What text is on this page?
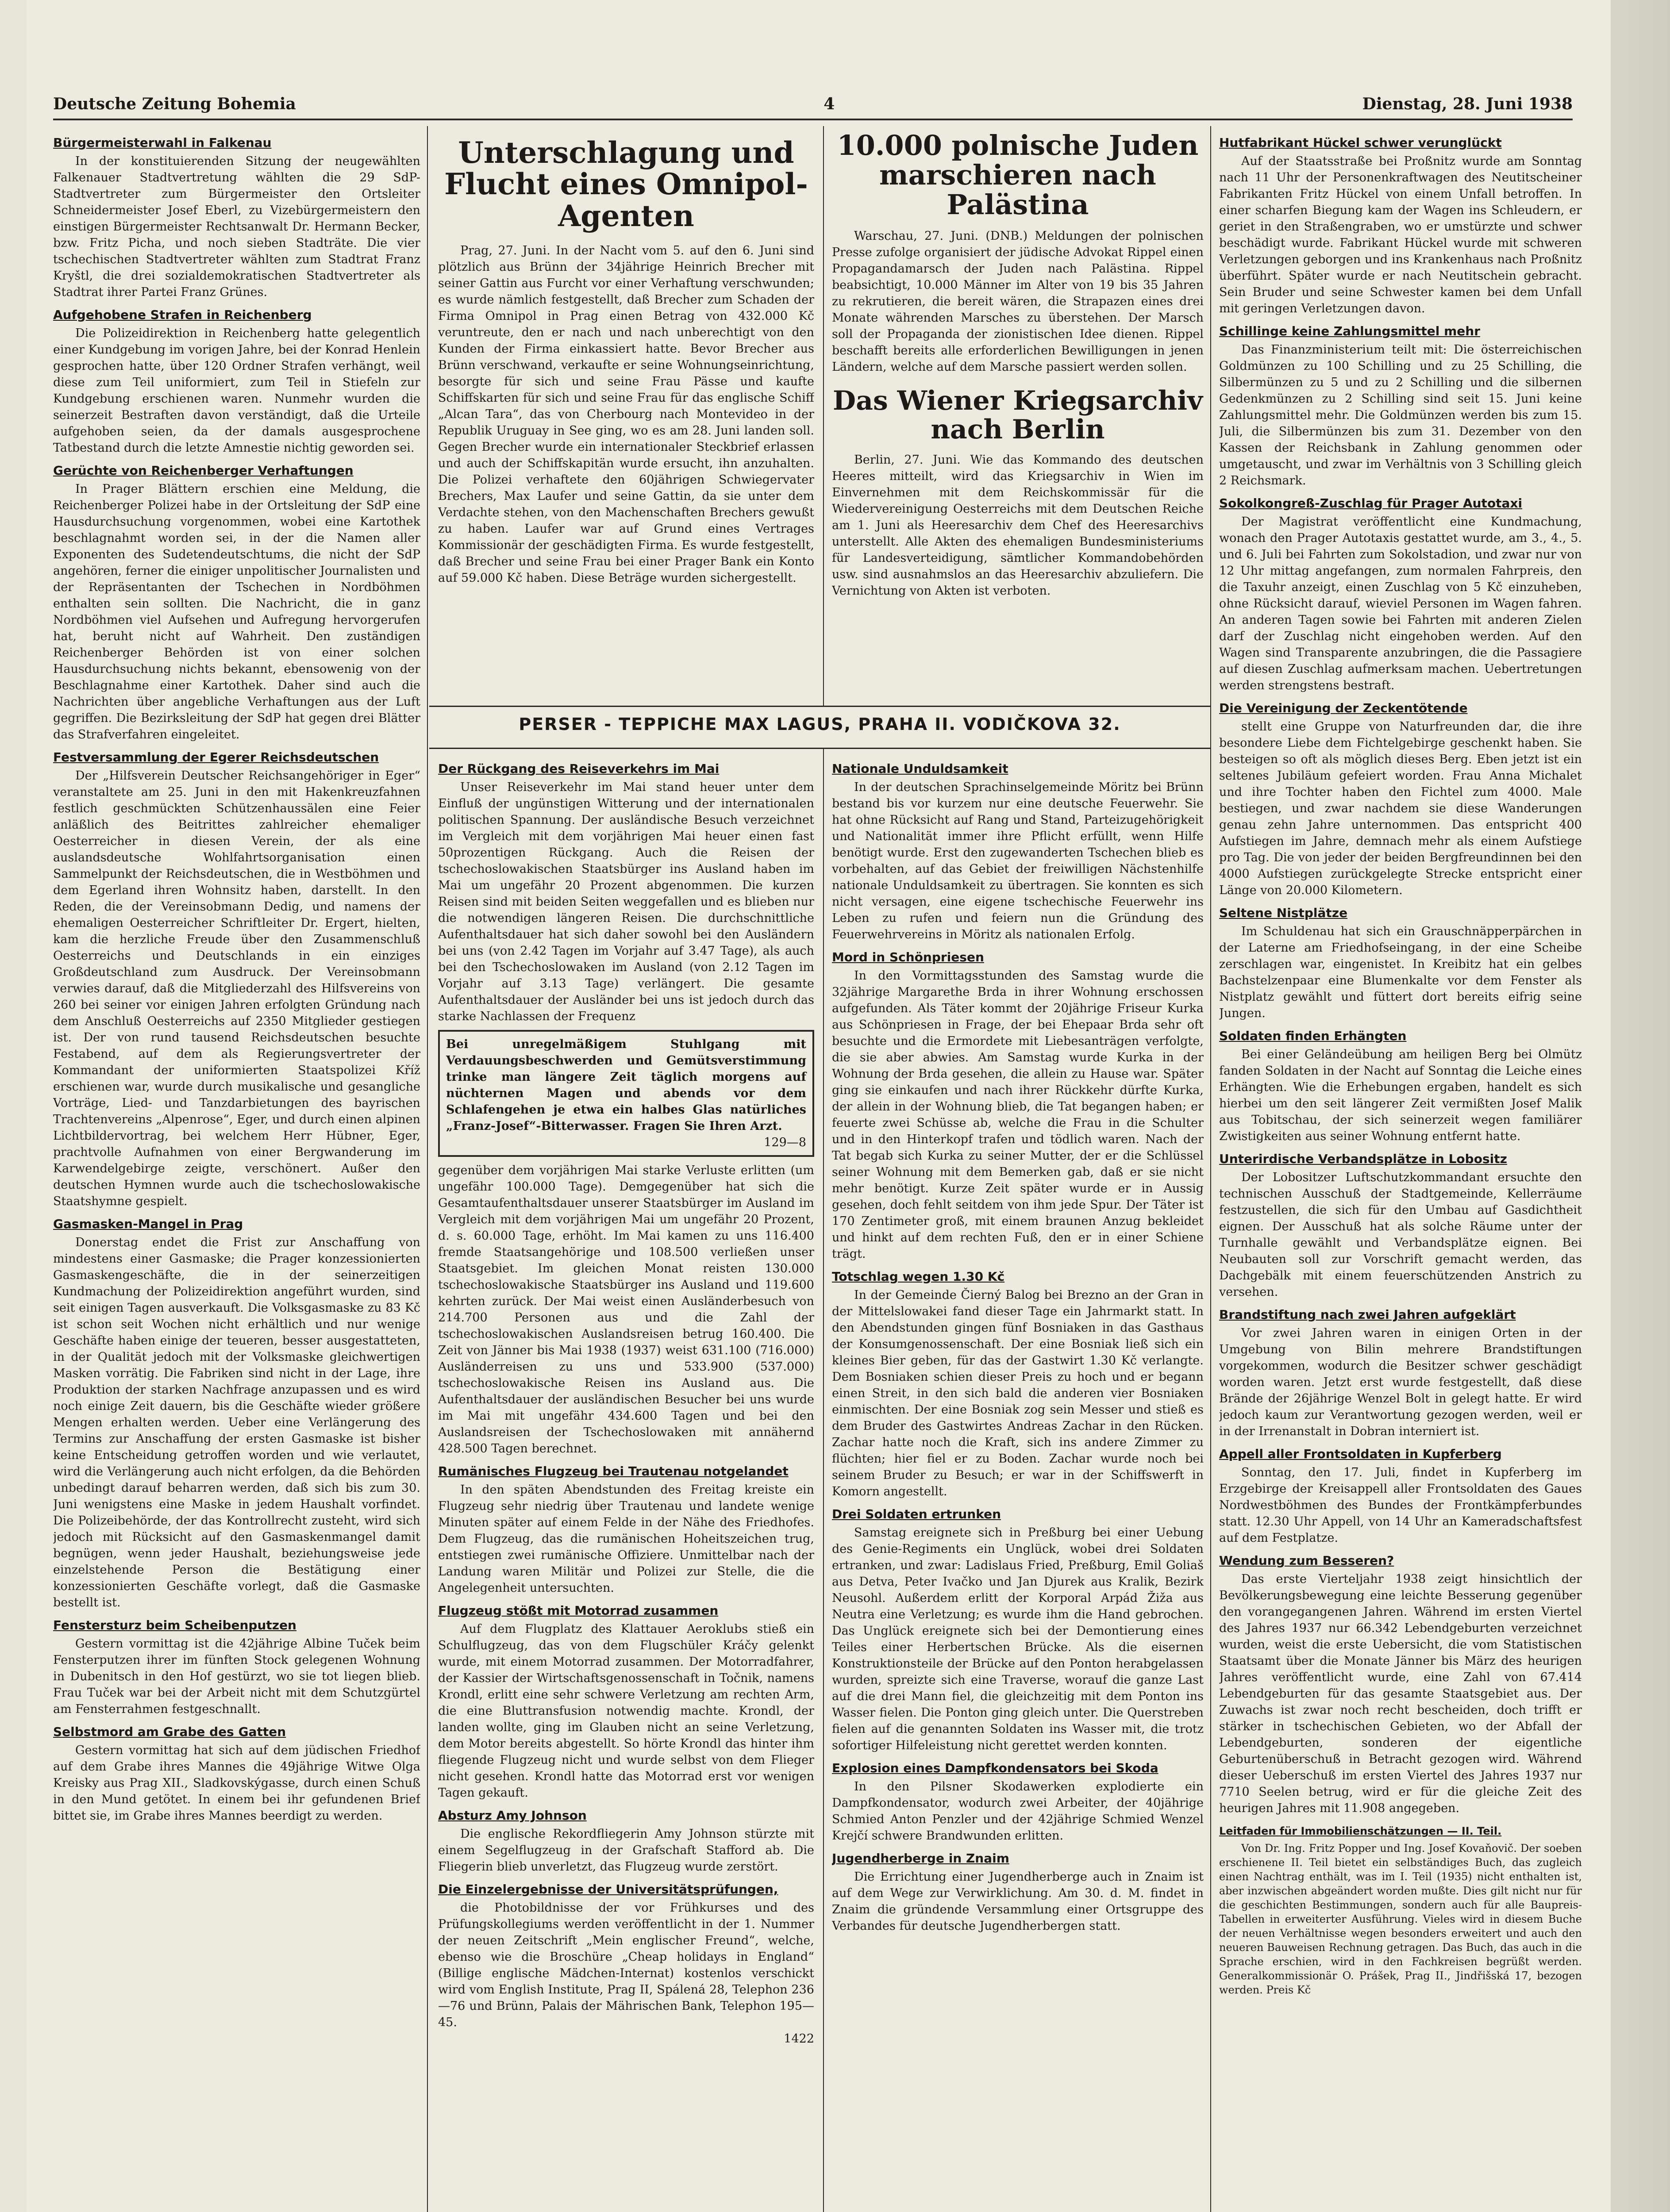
Deutsche Zeitung Bohemia	4	Dienstag, 28. Juni 1938
Bürgermeisterwahl in Falkenau

In der konstituierenden Sitzung der neugewählten Falkenauer Stadtvertretung wählten die 29 SdP-Stadtvertreter zum Bürgermeister den Ortsleiter Schneidermeister Josef Eberl, zu Vizebürgermeistern den einstigen Bürgermeister Rechtsanwalt Dr. Hermann Becker, bzw. Fritz Picha, und noch sieben Stadträte. Die vier tschechischen Stadtvertreter wählten zum Stadtrat Franz Kryštl, die drei sozialdemokratischen Stadtvertreter als Stadtrat ihrer Partei Franz Grünes.

Aufgehobene Strafen in Reichenberg

Die Polizeidirektion in Reichenberg hatte gelegentlich einer Kundgebung im vorigen Jahre, bei der Konrad Henlein gesprochen hatte, über 120 Ordner Strafen verhängt, weil diese zum Teil uniformiert, zum Teil in Stiefeln zur Kundgebung erschienen waren. Nunmehr wurden die seinerzeit Bestraften davon verständigt, daß die Urteile aufgehoben seien, da der damals ausgesprochene Tatbestand durch die letzte Amnestie nichtig geworden sei.

Gerüchte von Reichenberger Verhaftungen

In Prager Blättern erschien eine Meldung, die Reichenberger Polizei habe in der Ortsleitung der SdP eine Hausdurchsuchung vorgenommen, wobei eine Kartothek beschlagnahmt worden sei, in der die Namen aller Exponenten des Sudetendeutschtums, die nicht der SdP angehören, ferner die einiger unpolitischer Journalisten und der Repräsentanten der Tschechen in Nordböhmen enthalten sein sollten. Die Nachricht, die in ganz Nordböhmen viel Aufsehen und Aufregung hervorgerufen hat, beruht nicht auf Wahrheit. Den zuständigen Reichenberger Behörden ist von einer solchen Hausdurchsuchung nichts bekannt, ebensowenig von der Beschlagnahme einer Kartothek. Daher sind auch die Nachrichten über angebliche Verhaftungen aus der Luft gegriffen. Die Bezirksleitung der SdP hat gegen drei Blätter das Strafverfahren eingeleitet.

Festversammlung der Egerer Reichsdeutschen

Der „Hilfsverein Deutscher Reichsangehöriger in Eger“ veranstaltete am 25. Juni in den mit Hakenkreuzfahnen festlich geschmückten Schützenhaussälen eine Feier anläßlich des Beitrittes zahlreicher ehemaliger Oesterreicher in diesen Verein, der als eine auslandsdeutsche Wohlfahrtsorganisation einen Sammelpunkt der Reichsdeutschen, die in Westböhmen und dem Egerland ihren Wohnsitz haben, darstellt. In den Reden, die der Vereinsobmann Dedig, und namens der ehemaligen Oesterreicher Schriftleiter Dr. Ergert, hielten, kam die herzliche Freude über den Zusammenschluß Oesterreichs und Deutschlands in ein einziges Großdeutschland zum Ausdruck. Der Vereinsobmann verwies darauf, daß die Mitgliederzahl des Hilfsvereins von 260 bei seiner vor einigen Jahren erfolgten Gründung nach dem Anschluß Oesterreichs auf 2350 Mitglieder gestiegen ist. Der von rund tausend Reichsdeutschen besuchte Festabend, auf dem als Regierungsvertreter der Kommandant der uniformierten Staatspolizei Kříž erschienen war, wurde durch musikalische und gesangliche Vorträge, Lied- und Tanzdarbietungen des bayrischen Trachtenvereins „Alpenrose“, Eger, und durch einen alpinen Lichtbildervortrag, bei welchem Herr Hübner, Eger, prachtvolle Aufnahmen von einer Bergwanderung im Karwendelgebirge zeigte, verschönert. Außer den deutschen Hymnen wurde auch die tschechoslowakische Staatshymne gespielt.

Gasmasken-Mangel in Prag

Donerstag endet die Frist zur Anschaffung von mindestens einer Gasmaske; die Prager konzessionierten Gasmaskengeschäfte, die in der seinerzeitigen Kundmachung der Polizeidirektion angeführt wurden, sind seit einigen Tagen ausverkauft. Die Volksgasmaske zu 83 Kč ist schon seit Wochen nicht erhältlich und nur wenige Geschäfte haben einige der teueren, besser ausgestatteten, in der Qualität jedoch mit der Volksmaske gleichwertigen Masken vorrätig. Die Fabriken sind nicht in der Lage, ihre Produktion der starken Nachfrage anzupassen und es wird noch einige Zeit dauern, bis die Geschäfte wieder größere Mengen erhalten werden. Ueber eine Verlängerung des Termins zur Anschaffung der ersten Gasmaske ist bisher keine Entscheidung getroffen worden und wie verlautet, wird die Verlängerung auch nicht erfolgen, da die Behörden unbedingt darauf beharren werden, daß sich bis zum 30. Juni wenigstens eine Maske in jedem Haushalt vorfindet. Die Polizeibehörde, der das Kontrollrecht zusteht, wird sich jedoch mit Rücksicht auf den Gasmaskenmangel damit begnügen, wenn jeder Haushalt, beziehungsweise jede einzelstehende Person die Bestätigung einer konzessionierten Geschäfte vorlegt, daß die Gasmaske bestellt ist.

Fenstersturz beim Scheibenputzen

Gestern vormittag ist die 42jährige Albine Tuček beim Fensterputzen ihrer im fünften Stock gelegenen Wohnung in Dubenitsch in den Hof gestürzt, wo sie tot liegen blieb. Frau Tuček war bei der Arbeit nicht mit dem Schutzgürtel am Fensterrahmen festgeschnallt.

Selbstmord am Grabe des Gatten

Gestern vormittag hat sich auf dem jüdischen Friedhof auf dem Grabe ihres Mannes die 49jährige Witwe Olga Kreisky aus Prag XII., Sladkovskýgasse, durch einen Schuß in den Mund getötet. In einem bei ihr gefundenen Brief bittet sie, im Grabe ihres Mannes beerdigt zu werden.

Unterschlagung und Flucht eines Omnipol-Agenten

Prag, 27. Juni. In der Nacht vom 5. auf den 6. Juni sind plötzlich aus Brünn der 34jährige Heinrich Brecher mit seiner Gattin aus Furcht vor einer Verhaftung verschwunden; es wurde nämlich festgestellt, daß Brecher zum Schaden der Firma Omnipol in Prag einen Betrag von 432.000 Kč veruntreute, den er nach und nach unberechtigt von den Kunden der Firma einkassiert hatte. Bevor Brecher aus Brünn verschwand, verkaufte er seine Wohnungseinrichtung, besorgte für sich und seine Frau Pässe und kaufte Schiffskarten für sich und seine Frau für das englische Schiff „Alcan Tara“, das von Cherbourg nach Montevideo in der Republik Uruguay in See ging, wo es am 28. Juni landen soll. Gegen Brecher wurde ein internationaler Steckbrief erlassen und auch der Schiffskapitän wurde ersucht, ihn anzuhalten. Die Polizei verhaftete den 60jährigen Schwiegervater Brechers, Max Laufer und seine Gattin, da sie unter dem Verdachte stehen, von den Machenschaften Brechers gewußt zu haben. Laufer war auf Grund eines Vertrages Kommissionär der geschädigten Firma. Es wurde festgestellt, daß Brecher und seine Frau bei einer Prager Bank ein Konto auf 59.000 Kč haben. Diese Beträge wurden sichergestellt.

10.000 polnische Juden marschieren nach Palästina

Warschau, 27. Juni. (DNB.) Meldungen der polnischen Presse zufolge organisiert der jüdische Advokat Rippel einen Propagandamarsch der Juden nach Palästina. Rippel beabsichtigt, 10.000 Männer im Alter von 19 bis 35 Jahren zu rekrutieren, die bereit wären, die Strapazen eines drei Monate währenden Marsches zu überstehen. Der Marsch soll der Propaganda der zionistischen Idee dienen. Rippel beschafft bereits alle erforderlichen Bewilligungen in jenen Ländern, welche auf dem Marsche passiert werden sollen.

Das Wiener Kriegsarchiv nach Berlin

Berlin, 27. Juni. Wie das Kommando des deutschen Heeres mitteilt, wird das Kriegsarchiv in Wien im Einvernehmen mit dem Reichskommissär für die Wiedervereinigung Oesterreichs mit dem Deutschen Reiche am 1. Juni als Heeresarchiv dem Chef des Heeresarchivs unterstellt. Alle Akten des ehemaligen Bundesministeriums für Landesverteidigung, sämtlicher Kommandobehörden usw. sind ausnahmslos an das Heeresarchiv abzuliefern. Die Vernichtung von Akten ist verboten.

PERSER - TEPPICHE MAX LAGUS, PRAHA II. VODIČKOVA 32.
Der Rückgang des Reiseverkehrs im Mai

Unser Reiseverkehr im Mai stand heuer unter dem Einfluß der ungünstigen Witterung und der internationalen politischen Spannung. Der ausländische Besuch verzeichnet im Vergleich mit dem vorjährigen Mai heuer einen fast 50prozentigen Rückgang. Auch die Reisen der tschechoslowakischen Staatsbürger ins Ausland haben im Mai um ungefähr 20 Prozent abgenommen. Die kurzen Reisen sind mit beiden Seiten weggefallen und es blieben nur die notwendigen längeren Reisen. Die durchschnittliche Aufenthaltsdauer hat sich daher sowohl bei den Ausländern bei uns (von 2.42 Tagen im Vorjahr auf 3.47 Tage), als auch bei den Tschechoslowaken im Ausland (von 2.12 Tagen im Vorjahr auf 3.13 Tage) verlängert. Die gesamte Aufenthaltsdauer der Ausländer bei uns ist jedoch durch das starke Nachlassen der Frequenz

Bei unregelmäßigem Stuhlgang mit Verdauungsbeschwerden und Gemütsverstimmung trinke man längere Zeit täglich morgens auf nüchternen Magen und abends vor dem Schlafengehen je etwa ein halbes Glas natürliches „Franz-Josef“-Bitterwasser. Fragen Sie Ihren Arzt.
129—8

gegenüber dem vorjährigen Mai starke Verluste erlitten (um ungefähr 100.000 Tage). Demgegenüber hat sich die Gesamtaufenthaltsdauer unserer Staatsbürger im Ausland im Vergleich mit dem vorjährigen Mai um ungefähr 20 Prozent, d. s. 60.000 Tage, erhöht. Im Mai kamen zu uns 116.400 fremde Staatsangehörige und 108.500 verließen unser Staatsgebiet. Im gleichen Monat reisten 130.000 tschechoslowakische Staatsbürger ins Ausland und 119.600 kehrten zurück. Der Mai weist einen Ausländerbesuch von 214.700 Personen aus und die Zahl der tschechoslowakischen Auslandsreisen betrug 160.400. Die Zeit von Jänner bis Mai 1938 (1937) weist 631.100 (716.000) Ausländerreisen zu uns und 533.900 (537.000) tschechoslowakische Reisen ins Ausland aus. Die Aufenthaltsdauer der ausländischen Besucher bei uns wurde im Mai mit ungefähr 434.600 Tagen und bei den Auslandsreisen der Tschechoslowaken mit annähernd 428.500 Tagen berechnet.

Rumänisches Flugzeug bei Trautenau notgelandet

In den späten Abendstunden des Freitag kreiste ein Flugzeug sehr niedrig über Trautenau und landete wenige Minuten später auf einem Felde in der Nähe des Friedhofes. Dem Flugzeug, das die rumänischen Hoheitszeichen trug, entstiegen zwei rumänische Offiziere. Unmittelbar nach der Landung waren Militär und Polizei zur Stelle, die die Angelegenheit untersuchten.

Flugzeug stößt mit Motorrad zusammen

Auf dem Flugplatz des Klattauer Aeroklubs stieß ein Schulflugzeug, das von dem Flugschüler Kráčy gelenkt wurde, mit einem Motorrad zusammen. Der Motorradfahrer, der Kassier der Wirtschaftsgenossenschaft in Točnik, namens Krondl, erlitt eine sehr schwere Verletzung am rechten Arm, die eine Bluttransfusion notwendig machte. Krondl, der landen wollte, ging im Glauben nicht an seine Verletzung, dem Motor bereits abgestellt. So hörte Krondl das hinter ihm fliegende Flugzeug nicht und wurde selbst von dem Flieger nicht gesehen. Krondl hatte das Motorrad erst vor wenigen Tagen gekauft.

Absturz Amy Johnson

Die englische Rekordfliegerin Amy Johnson stürzte mit einem Segelflugzeug in der Grafschaft Stafford ab. Die Fliegerin blieb unverletzt, das Flugzeug wurde zerstört.

Die Einzelergebnisse der Universitätsprüfungen,

die Photobildnisse der vor Frühkurses und des Prüfungskollegiums werden veröffentlicht in der 1. Nummer der neuen Zeitschrift „Mein englischer Freund“, welche, ebenso wie die Broschüre „Cheap holidays in England“ (Billige englische Mädchen-Internat) kostenlos verschickt wird vom English Institute, Prag II, Spálená 28, Telephon 236—76 und Brünn, Palais der Mährischen Bank, Telephon 195—45.

1422
Nationale Unduldsamkeit

In der deutschen Sprachinselgemeinde Möritz bei Brünn bestand bis vor kurzem nur eine deutsche Feuerwehr. Sie hat ohne Rücksicht auf Rang und Stand, Parteizugehörigkeit und Nationalität immer ihre Pflicht erfüllt, wenn Hilfe benötigt wurde. Erst den zugewanderten Tschechen blieb es vorbehalten, auf das Gebiet der freiwilligen Nächstenhilfe nationale Unduldsamkeit zu übertragen. Sie konnten es sich nicht versagen, eine eigene tschechische Feuerwehr ins Leben zu rufen und feiern nun die Gründung des Feuerwehrvereins in Möritz als nationalen Erfolg.

Mord in Schönpriesen

In den Vormittagsstunden des Samstag wurde die 32jährige Margarethe Brda in ihrer Wohnung erschossen aufgefunden. Als Täter kommt der 20jährige Friseur Kurka aus Schönpriesen in Frage, der bei Ehepaar Brda sehr oft besuchte und die Ermordete mit Liebesanträgen verfolgte, die sie aber abwies. Am Samstag wurde Kurka in der Wohnung der Brda gesehen, die allein zu Hause war. Später ging sie einkaufen und nach ihrer Rückkehr dürfte Kurka, der allein in der Wohnung blieb, die Tat begangen haben; er feuerte zwei Schüsse ab, welche die Frau in die Schulter und in den Hinterkopf trafen und tödlich waren. Nach der Tat begab sich Kurka zu seiner Mutter, der er die Schlüssel seiner Wohnung mit dem Bemerken gab, daß er sie nicht mehr benötigt. Kurze Zeit später wurde er in Aussig gesehen, doch fehlt seitdem von ihm jede Spur. Der Täter ist 170 Zentimeter groß, mit einem braunen Anzug bekleidet und hinkt auf dem rechten Fuß, den er in einer Schiene trägt.

Totschlag wegen 1.30 Kč

In der Gemeinde Čierný Balog bei Brezno an der Gran in der Mittelslowakei fand dieser Tage ein Jahrmarkt statt. In den Abendstunden gingen fünf Bosniaken in das Gasthaus der Konsumgenossenschaft. Der eine Bosniak ließ sich ein kleines Bier geben, für das der Gastwirt 1.30 Kč verlangte. Dem Bosniaken schien dieser Preis zu hoch und er begann einen Streit, in den sich bald die anderen vier Bosniaken einmischten. Der eine Bosniak zog sein Messer und stieß es dem Bruder des Gastwirtes Andreas Zachar in den Rücken. Zachar hatte noch die Kraft, sich ins andere Zimmer zu flüchten; hier fiel er zu Boden. Zachar wurde noch bei seinem Bruder zu Besuch; er war in der Schiffswerft in Komorn angestellt.

Drei Soldaten ertrunken

Samstag ereignete sich in Preßburg bei einer Uebung des Genie-Regiments ein Unglück, wobei drei Soldaten ertranken, und zwar: Ladislaus Fried, Preßburg, Emil Goliaš aus Detva, Peter Ivačko und Jan Djurek aus Kralik, Bezirk Neusohl. Außerdem erlitt der Korporal Arpád Žiža aus Neutra eine Verletzung; es wurde ihm die Hand gebrochen. Das Unglück ereignete sich bei der Demontierung eines Teiles einer Herbertschen Brücke. Als die eisernen Konstruktionsteile der Brücke auf den Ponton herabgelassen wurden, spreizte sich eine Traverse, worauf die ganze Last auf die drei Mann fiel, die gleichzeitig mit dem Ponton ins Wasser fielen. Die Ponton ging gleich unter. Die Querstreben fielen auf die genannten Soldaten ins Wasser mit, die trotz sofortiger Hilfeleistung nicht gerettet werden konnten.

Explosion eines Dampfkondensators bei Skoda

In den Pilsner Skodawerken explodierte ein Dampfkondensator, wodurch zwei Arbeiter, der 40jährige Schmied Anton Penzler und der 42jährige Schmied Wenzel Krejčí schwere Brandwunden erlitten.

Jugendherberge in Znaim

Die Errichtung einer Jugendherberge auch in Znaim ist auf dem Wege zur Verwirklichung. Am 30. d. M. findet in Znaim die gründende Versammlung einer Ortsgruppe des Verbandes für deutsche Jugendherbergen statt.

Hutfabrikant Hückel schwer verunglückt

Auf der Staatsstraße bei Proßnitz wurde am Sonntag nach 11 Uhr der Personenkraftwagen des Neutitscheiner Fabrikanten Fritz Hückel von einem Unfall betroffen. In einer scharfen Biegung kam der Wagen ins Schleudern, er geriet in den Straßengraben, wo er umstürzte und schwer beschädigt wurde. Fabrikant Hückel wurde mit schweren Verletzungen geborgen und ins Krankenhaus nach Proßnitz überführt. Später wurde er nach Neutitschein gebracht. Sein Bruder und seine Schwester kamen bei dem Unfall mit geringen Verletzungen davon.

Schillinge keine Zahlungsmittel mehr

Das Finanzministerium teilt mit: Die österreichischen Goldmünzen zu 100 Schilling und zu 25 Schilling, die Silbermünzen zu 5 und zu 2 Schilling und die silbernen Gedenkmünzen zu 2 Schilling sind seit 15. Juni keine Zahlungsmittel mehr. Die Goldmünzen werden bis zum 15. Juli, die Silbermünzen bis zum 31. Dezember von den Kassen der Reichsbank in Zahlung genommen oder umgetauscht, und zwar im Verhältnis von 3 Schilling gleich 2 Reichsmark.

Sokolkongreß-Zuschlag für Prager Autotaxi

Der Magistrat veröffentlicht eine Kundmachung, wonach den Prager Autotaxis gestattet wurde, am 3., 4., 5. und 6. Juli bei Fahrten zum Sokolstadion, und zwar nur von 12 Uhr mittag angefangen, zum normalen Fahrpreis, den die Taxuhr anzeigt, einen Zuschlag von 5 Kč einzuheben, ohne Rücksicht darauf, wieviel Personen im Wagen fahren. An anderen Tagen sowie bei Fahrten mit anderen Zielen darf der Zuschlag nicht eingehoben werden. Auf den Wagen sind Transparente anzubringen, die die Passagiere auf diesen Zuschlag aufmerksam machen. Uebertretungen werden strengstens bestraft.

Die Vereinigung der Zeckentötende

stellt eine Gruppe von Naturfreunden dar, die ihre besondere Liebe dem Fichtelgebirge geschenkt haben. Sie besteigen so oft als möglich dieses Berg. Eben jetzt ist ein seltenes Jubiläum gefeiert worden. Frau Anna Michalet und ihre Tochter haben den Fichtel zum 4000. Male bestiegen, und zwar nachdem sie diese Wanderungen genau zehn Jahre unternommen. Das entspricht 400 Aufstiegen im Jahre, demnach mehr als einem Aufstiege pro Tag. Die von jeder der beiden Bergfreundinnen bei den 4000 Aufstiegen zurückgelegte Strecke entspricht einer Länge von 20.000 Kilometern.

Seltene Nistplätze

Im Schuldenau hat sich ein Grauschnäpperpärchen in der Laterne am Friedhofseingang, in der eine Scheibe zerschlagen war, eingenistet. In Kreibitz hat ein gelbes Bachstelzenpaar eine Blumenkalte vor dem Fenster als Nistplatz gewählt und füttert dort bereits eifrig seine Jungen.

Soldaten finden Erhängten

Bei einer Geländeübung am heiligen Berg bei Olmütz fanden Soldaten in der Nacht auf Sonntag die Leiche eines Erhängten. Wie die Erhebungen ergaben, handelt es sich hierbei um den seit längerer Zeit vermißten Josef Malik aus Tobitschau, der sich seinerzeit wegen familiärer Zwistigkeiten aus seiner Wohnung entfernt hatte.

Unterirdische Verbandsplätze in Lobositz

Der Lobositzer Luftschutzkommandant ersuchte den technischen Ausschuß der Stadtgemeinde, Kellerräume festzustellen, die sich für den Umbau auf Gasdichtheit eignen. Der Ausschuß hat als solche Räume unter der Turnhalle gewählt und Verbandsplätze eignen. Bei Neubauten soll zur Vorschrift gemacht werden, das Dachgebälk mit einem feuerschützenden Anstrich zu versehen.

Brandstiftung nach zwei Jahren aufgeklärt

Vor zwei Jahren waren in einigen Orten in der Umgebung von Bilin mehrere Brandstiftungen vorgekommen, wodurch die Besitzer schwer geschädigt worden waren. Jetzt erst wurde festgestellt, daß diese Brände der 26jährige Wenzel Bolt in gelegt hatte. Er wird jedoch kaum zur Verantwortung gezogen werden, weil er in der Irrenanstalt in Dobran interniert ist.

Appell aller Frontsoldaten in Kupferberg

Sonntag, den 17. Juli, findet in Kupferberg im Erzgebirge der Kreisappell aller Frontsoldaten des Gaues Nordwestböhmen des Bundes der Frontkämpferbundes statt. 12.30 Uhr Appell, von 14 Uhr an Kameradschaftsfest auf dem Festplatze.

Wendung zum Besseren?

Das erste Vierteljahr 1938 zeigt hinsichtlich der Bevölkerungsbewegung eine leichte Besserung gegenüber den vorangegangenen Jahren. Während im ersten Viertel des Jahres 1937 nur 66.342 Lebendgeburten verzeichnet wurden, weist die erste Uebersicht, die vom Statistischen Staatsamt über die Monate Jänner bis März des heurigen Jahres veröffentlicht wurde, eine Zahl von 67.414 Lebendgeburten für das gesamte Staatsgebiet aus. Der Zuwachs ist zwar noch recht bescheiden, doch trifft er stärker in tschechischen Gebieten, wo der Abfall der Lebendgeburten, sonderen der eigentliche Geburtenüberschuß in Betracht gezogen wird. Während dieser Ueberschuß im ersten Viertel des Jahres 1937 nur 7710 Seelen betrug, wird er für die gleiche Zeit des heurigen Jahres mit 11.908 angegeben.

Leitfaden für Immobilienschätzungen — II. Teil.

Von Dr. Ing. Fritz Popper und Ing. Josef Kovaňovič. Der soeben erschienene II. Teil bietet ein selbständiges Buch, das zugleich einen Nachtrag enthält, was im I. Teil (1935) nicht enthalten ist, aber inzwischen abgeändert worden mußte. Dies gilt nicht nur für die geschichten Bestimmungen, sondern auch für alle Baupreis-Tabellen in erweiterter Ausführung. Vieles wird in diesem Buche der neuen Verhältnisse wegen besonders erweitert und auch den neueren Bauweisen Rechnung getragen. Das Buch, das auch in die Sprache erschien, wird in den Fachkreisen begrüßt werden. Generalkommissionär O. Prášek, Prag II., Jindřišská 17, bezogen werden. Preis Kč
